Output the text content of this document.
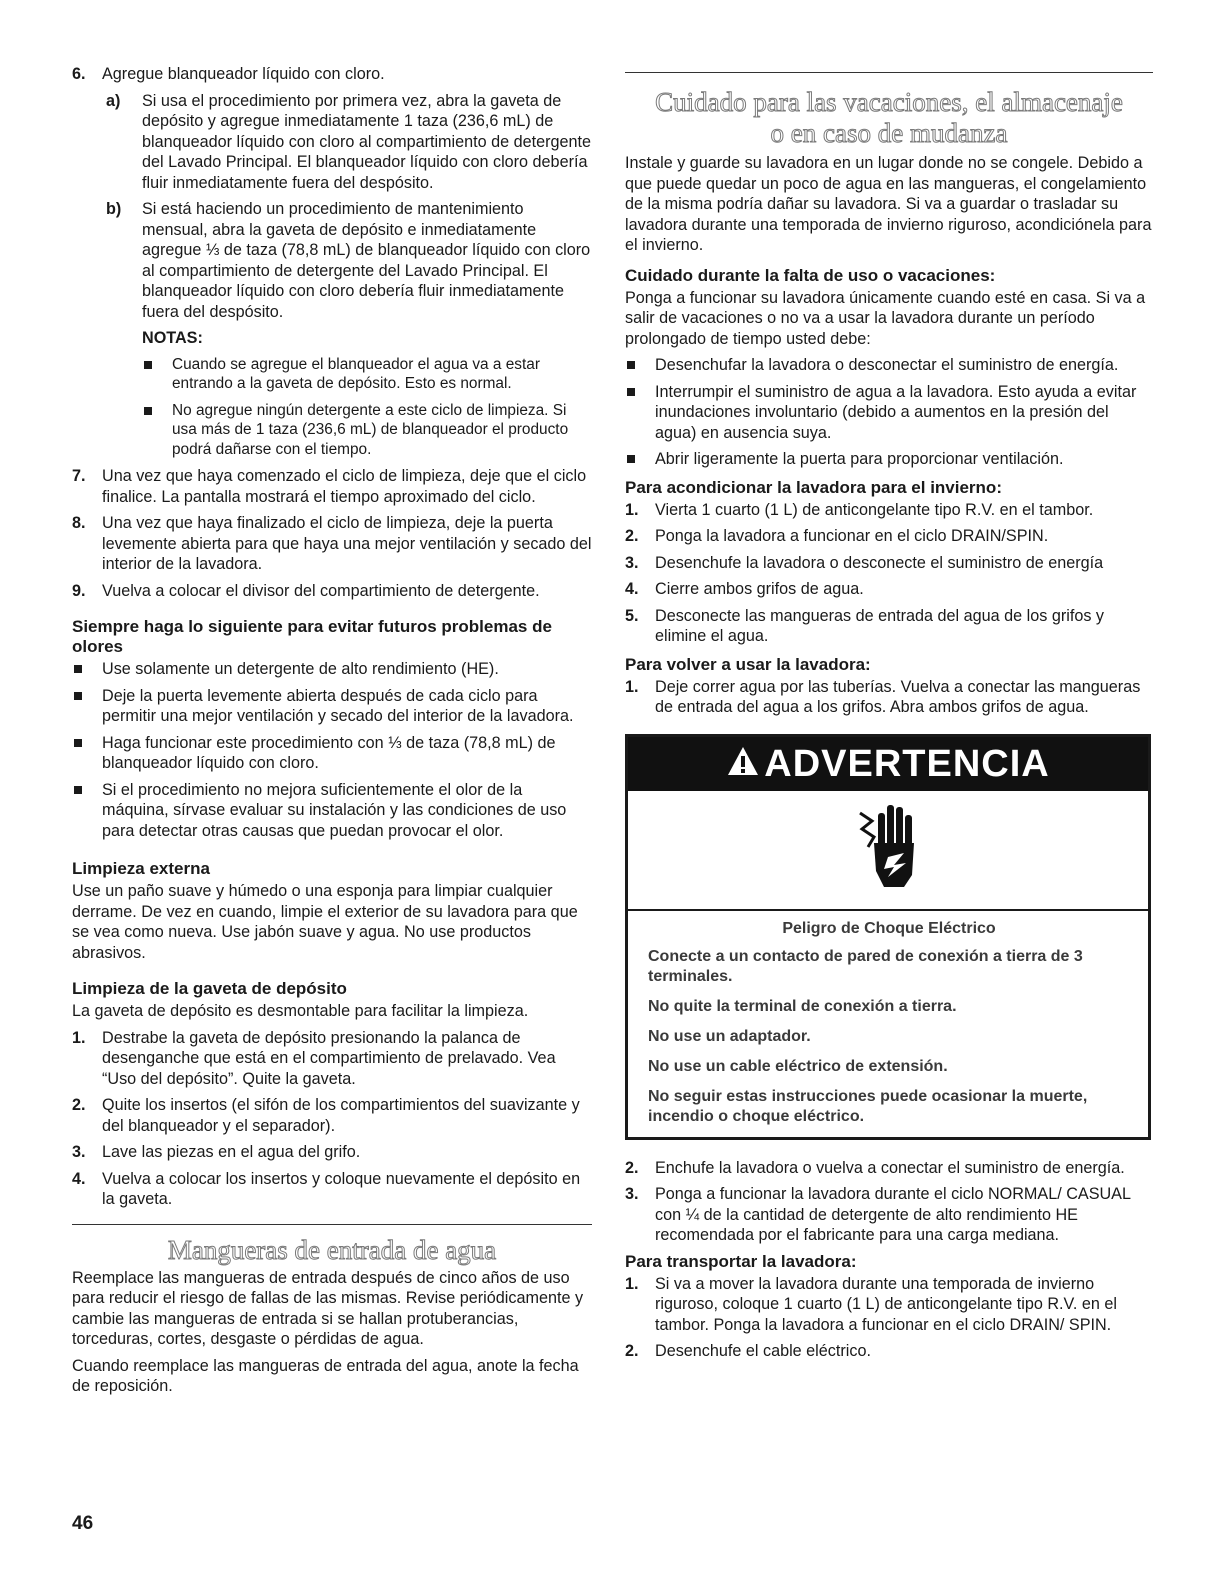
6. Agregue blanqueador líquido con cloro.
a) Si usa el procedimiento por primera vez, abra la gaveta de depósito y agregue inmediatamente 1 taza (236,6 mL) de blanqueador líquido con cloro al compartimiento de detergente del Lavado Principal. El blanqueador líquido con cloro debería fluir inmediatamente fuera del despósito.
b) Si está haciendo un procedimiento de mantenimiento mensual, abra la gaveta de depósito e inmediatamente agregue ⅓ de taza (78,8 mL) de blanqueador líquido con cloro al compartimiento de detergente del Lavado Principal. El blanqueador líquido con cloro debería fluir inmediatamente fuera del despósito.
NOTAS:
Cuando se agregue el blanqueador el agua va a estar entrando a la gaveta de depósito. Esto es normal.
No agregue ningún detergente a este ciclo de limpieza. Si usa más de 1 taza (236,6 mL) de blanqueador el producto podrá dañarse con el tiempo.
7. Una vez que haya comenzado el ciclo de limpieza, deje que el ciclo finalice. La pantalla mostrará el tiempo aproximado del ciclo.
8. Una vez que haya finalizado el ciclo de limpieza, deje la puerta levemente abierta para que haya una mejor ventilación y secado del interior de la lavadora.
9. Vuelva a colocar el divisor del compartimiento de detergente.
Siempre haga lo siguiente para evitar futuros problemas de olores
Use solamente un detergente de alto rendimiento (HE).
Deje la puerta levemente abierta después de cada ciclo para permitir una mejor ventilación y secado del interior de la lavadora.
Haga funcionar este procedimiento con ⅓ de taza (78,8 mL) de blanqueador líquido con cloro.
Si el procedimiento no mejora suficientemente el olor de la máquina, sírvase evaluar su instalación y las condiciones de uso para detectar otras causas que puedan provocar el olor.
Limpieza externa

Use un paño suave y húmedo o una esponja para limpiar cualquier derrame. De vez en cuando, limpie el exterior de su lavadora para que se vea como nueva. Use jabón suave y agua. No use productos abrasivos.

Limpieza de la gaveta de depósito

La gaveta de depósito es desmontable para facilitar la limpieza.

1. Destrabe la gaveta de depósito presionando la palanca de desenganche que está en el compartimiento de prelavado. Vea “Uso del depósito”. Quite la gaveta.
2. Quite los insertos (el sifón de los compartimientos del suavizante y del blanqueador y el separador).
3. Lave las piezas en el agua del grifo.
4. Vuelva a colocar los insertos y coloque nuevamente el depósito en la gaveta.
Mangueras de entrada de agua

Reemplace las mangueras de entrada después de cinco años de uso para reducir el riesgo de fallas de las mismas. Revise periódicamente y cambie las mangueras de entrada si se hallan protuberancias, torceduras, cortes, desgaste o pérdidas de agua.

Cuando reemplace las mangueras de entrada del agua, anote la fecha de reposición.

Cuidado para las vacaciones, el almacenaje o en caso de mudanza

Instale y guarde su lavadora en un lugar donde no se congele. Debido a que puede quedar un poco de agua en las mangueras, el congelamiento de la misma podría dañar su lavadora. Si va a guardar o trasladar su lavadora durante una temporada de invierno riguroso, acondiciónela para el invierno.

Cuidado durante la falta de uso o vacaciones:

Ponga a funcionar su lavadora únicamente cuando esté en casa. Si va a salir de vacaciones o no va a usar la lavadora durante un período prolongado de tiempo usted debe:

Desenchufar la lavadora o desconectar el suministro de energía.
Interrumpir el suministro de agua a la lavadora. Esto ayuda a evitar inundaciones involuntario (debido a aumentos en la presión del agua) en ausencia suya.
Abrir ligeramente la puerta para proporcionar ventilación.
Para acondicionar la lavadora para el invierno:
1. Vierta 1 cuarto (1 L) de anticongelante tipo R.V. en el tambor.
2. Ponga la lavadora a funcionar en el ciclo DRAIN/SPIN.
3. Desenchufe la lavadora o desconecte el suministro de energía
4. Cierre ambos grifos de agua.
5. Desconecte las mangueras de entrada del agua de los grifos y elimine el agua.
Para volver a usar la lavadora:
1. Deje correr agua por las tuberías. Vuelva a conectar las mangueras de entrada del agua a los grifos. Abra ambos grifos de agua.
ADVERTENCIA
Peligro de Choque Eléctrico

Conecte a un contacto de pared de conexión a tierra de 3 terminales.

No quite la terminal de conexión a tierra.

No use un adaptador.

No use un cable eléctrico de extensión.

No seguir estas instrucciones puede ocasionar la muerte, incendio o choque eléctrico.

2. Enchufe la lavadora o vuelva a conectar el suministro de energía.
3. Ponga a funcionar la lavadora durante el ciclo NORMAL/ CASUAL con ¼ de la cantidad de detergente de alto rendimiento HE recomendada por el fabricante para una carga mediana.
Para transportar la lavadora:
1. Si va a mover la lavadora durante una temporada de invierno riguroso, coloque 1 cuarto (1 L) de anticongelante tipo R.V. en el tambor. Ponga la lavadora a funcionar en el ciclo DRAIN/ SPIN.
2. Desenchufe el cable eléctrico.
46
